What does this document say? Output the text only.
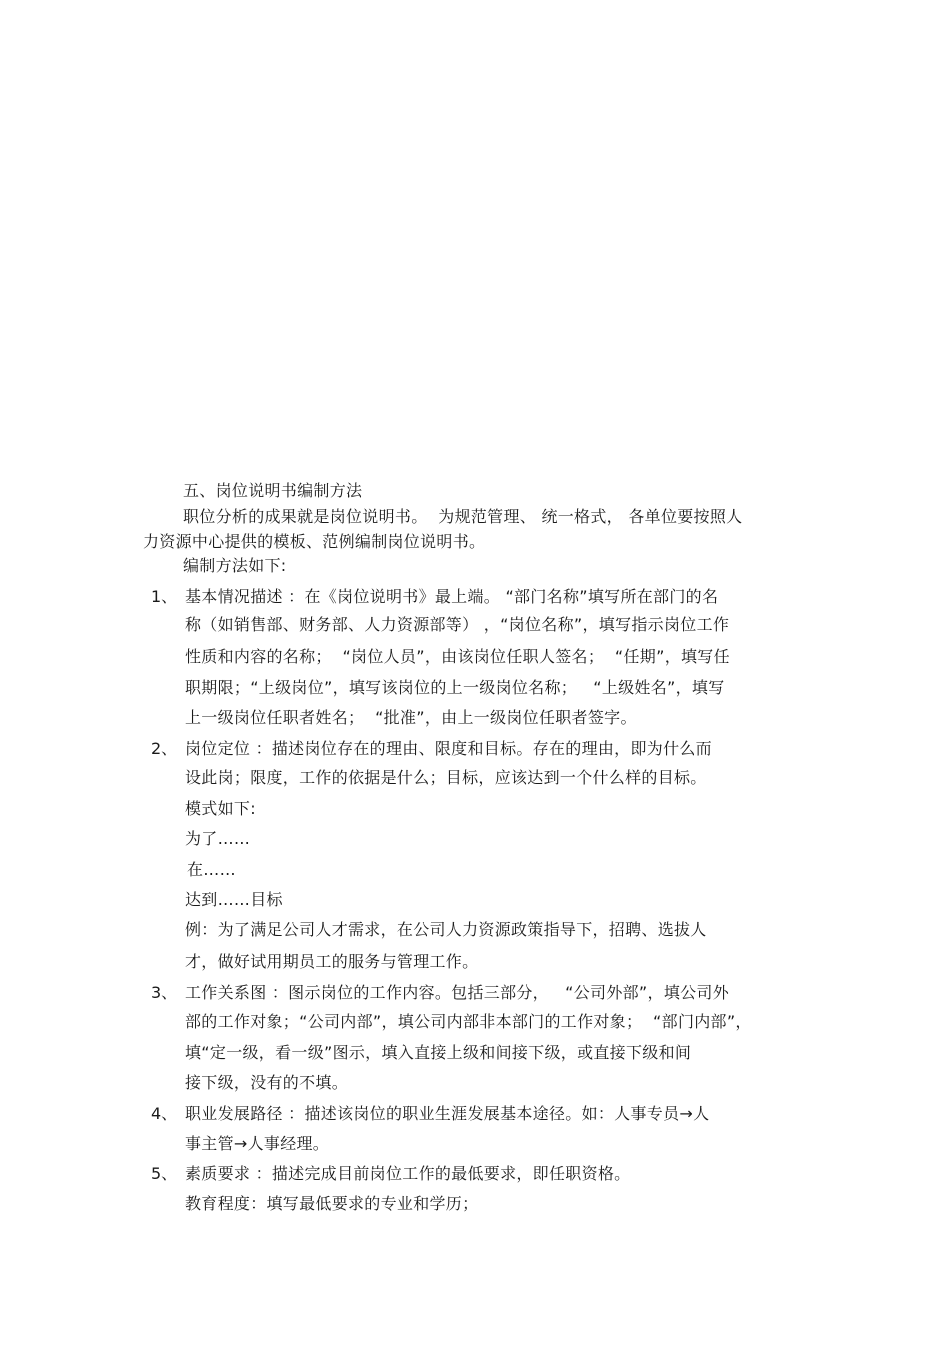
五、岗位说明书编制方法
职位分析的成果就是岗位说明书。  为规范管理、 统一格式， 各单位要按照人
力资源中心提供的模板、范例编制岗位说明书。
编制方法如下:
1、 基本情况描述 ：在《岗位说明书》最上端。 “部门名称”填写所在部门的名
称（如销售部、财务部、人力资源部等） ，“岗位名称”，填写指示岗位工作
性质和内容的名称；  “岗位人员”，由该岗位任职人签名；  “任期”，填写任
职期限；“上级岗位”，填写该岗位的上一级岗位名称；   “上级姓名”，填写
上一级岗位任职者姓名；  “批准”，由上一级岗位任职者签字。
2、 岗位定位 ：描述岗位存在的理由、限度和目标。存在的理由，即为什么而
设此岗；限度，工作的依据是什么；目标，应该达到一个什么样的目标。
模式如下:
为了……
在……
达到……目标
例：为了满足公司人才需求，在公司人力资源政策指导下，招聘、选拔人
才，做好试用期员工的服务与管理工作。
3、 工作关系图 ：图示岗位的工作内容。包括三部分，   “公司外部”，填公司外
部的工作对象；“公司内部”，填公司内部非本部门的工作对象；  “部门内部”，
填“定一级，看一级”图示，填入直接上级和间接下级，或直接下级和间
接下级，没有的不填。
4、 职业发展路径 ：描述该岗位的职业生涯发展基本途径。如：人事专员→人
事主管→人事经理。
5、 素质要求 ：描述完成目前岗位工作的最低要求，即任职资格。
教育程度：填写最低要求的专业和学历；
